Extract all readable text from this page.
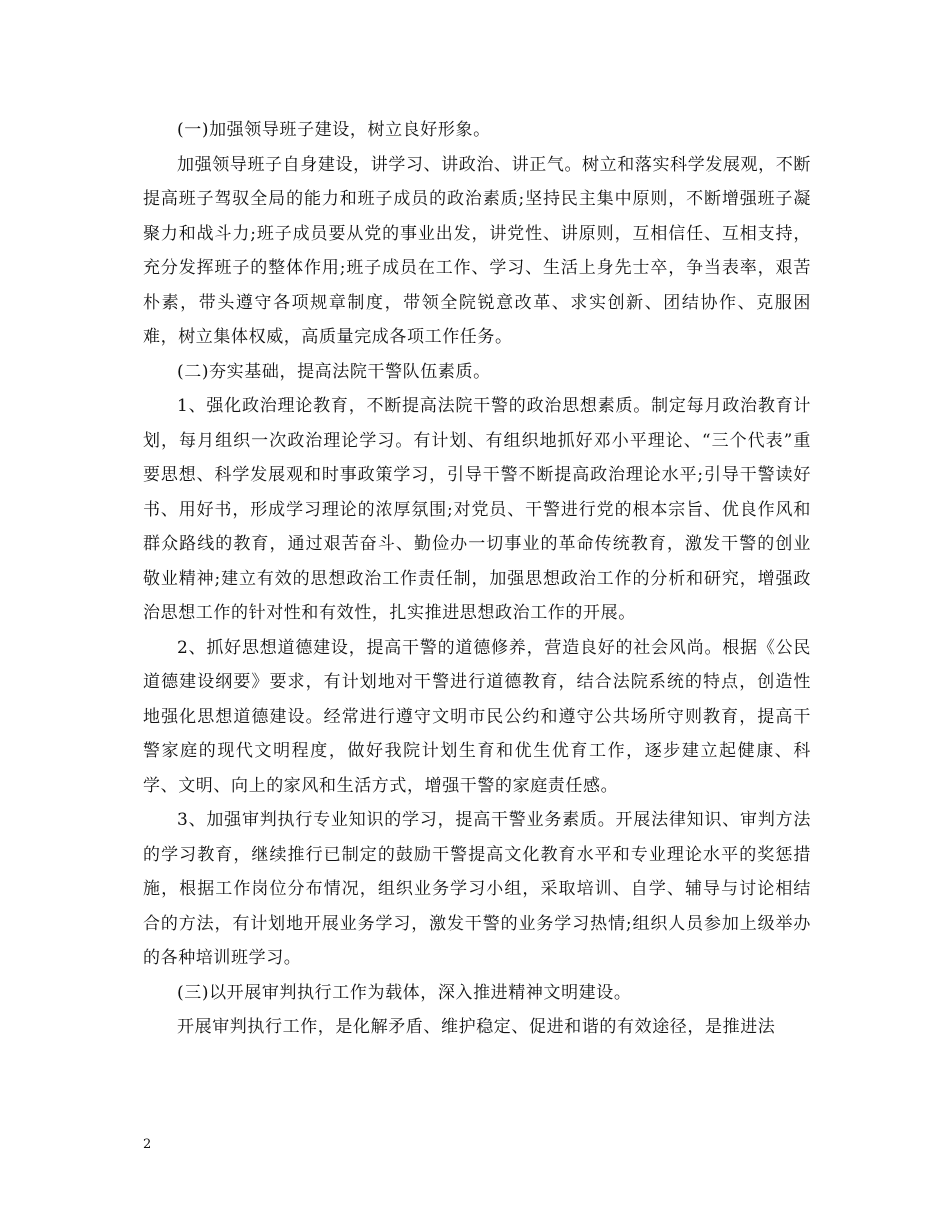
(一)加强领导班子建设，树立良好形象。

加强领导班子自身建设，讲学习、讲政治、讲正气。树立和落实科学发展观，不断提高班子驾驭全局的能力和班子成员的政治素质;坚持民主集中原则，不断增强班子凝聚力和战斗力;班子成员要从党的事业出发，讲党性、讲原则，互相信任、互相支持，充分发挥班子的整体作用;班子成员在工作、学习、生活上身先士卒，争当表率，艰苦朴素，带头遵守各项规章制度，带领全院锐意改革、求实创新、团结协作、克服困难，树立集体权威，高质量完成各项工作任务。

(二)夯实基础，提高法院干警队伍素质。

1、强化政治理论教育，不断提高法院干警的政治思想素质。制定每月政治教育计划，每月组织一次政治理论学习。有计划、有组织地抓好邓小平理论、“三个代表”重要思想、科学发展观和时事政策学习，引导干警不断提高政治理论水平;引导干警读好书、用好书，形成学习理论的浓厚氛围;对党员、干警进行党的根本宗旨、优良作风和群众路线的教育，通过艰苦奋斗、勤俭办一切事业的革命传统教育，激发干警的创业敬业精神;建立有效的思想政治工作责任制，加强思想政治工作的分析和研究，增强政治思想工作的针对性和有效性，扎实推进思想政治工作的开展。

2、抓好思想道德建设，提高干警的道德修养，营造良好的社会风尚。根据《公民道德建设纲要》要求，有计划地对干警进行道德教育，结合法院系统的特点，创造性地强化思想道德建设。经常进行遵守文明市民公约和遵守公共场所守则教育，提高干警家庭的现代文明程度，做好我院计划生育和优生优育工作，逐步建立起健康、科学、文明、向上的家风和生活方式，增强干警的家庭责任感。

3、加强审判执行专业知识的学习，提高干警业务素质。开展法律知识、审判方法的学习教育，继续推行已制定的鼓励干警提高文化教育水平和专业理论水平的奖惩措施，根据工作岗位分布情况，组织业务学习小组，采取培训、自学、辅导与讨论相结合的方法，有计划地开展业务学习，激发干警的业务学习热情;组织人员参加上级举办的各种培训班学习。

(三)以开展审判执行工作为载体，深入推进精神文明建设。

开展审判执行工作，是化解矛盾、维护稳定、促进和谐的有效途径，是推进法

2
